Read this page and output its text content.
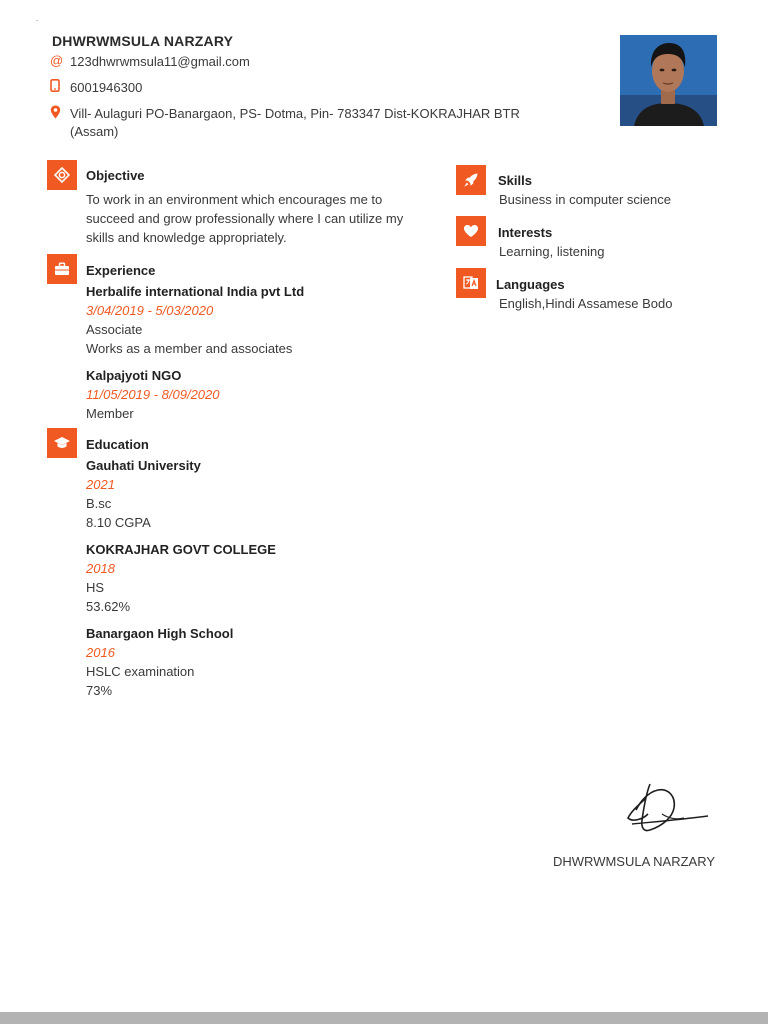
.
DHWRWMSULA NARZARY
@ 123dhwrwmsula11@gmail.com
6001946300
Vill- Aulaguri PO-Banargaon, PS- Dotma, Pin- 783347 Dist-KOKRAJHAR BTR (Assam)
Objective
To work in an environment which encourages me to succeed and grow professionally where I can utilize my skills and knowledge appropriately.
Experience
Herbalife international India pvt Ltd
3/04/2019 - 5/03/2020
Associate
Works as a member and associates
Kalpajyoti NGO
11/05/2019 - 8/09/2020
Member
Education
Gauhati University
2021
B.sc
8.10 CGPA
KOKRAJHAR GOVT COLLEGE
2018
HS
53.62%
Banargaon High School
2016
HSLC examination
73%
Skills
Business in computer science
Interests
Learning, listening
Languages
English,Hindi Assamese Bodo
DHWRWMSULA NARZARY
